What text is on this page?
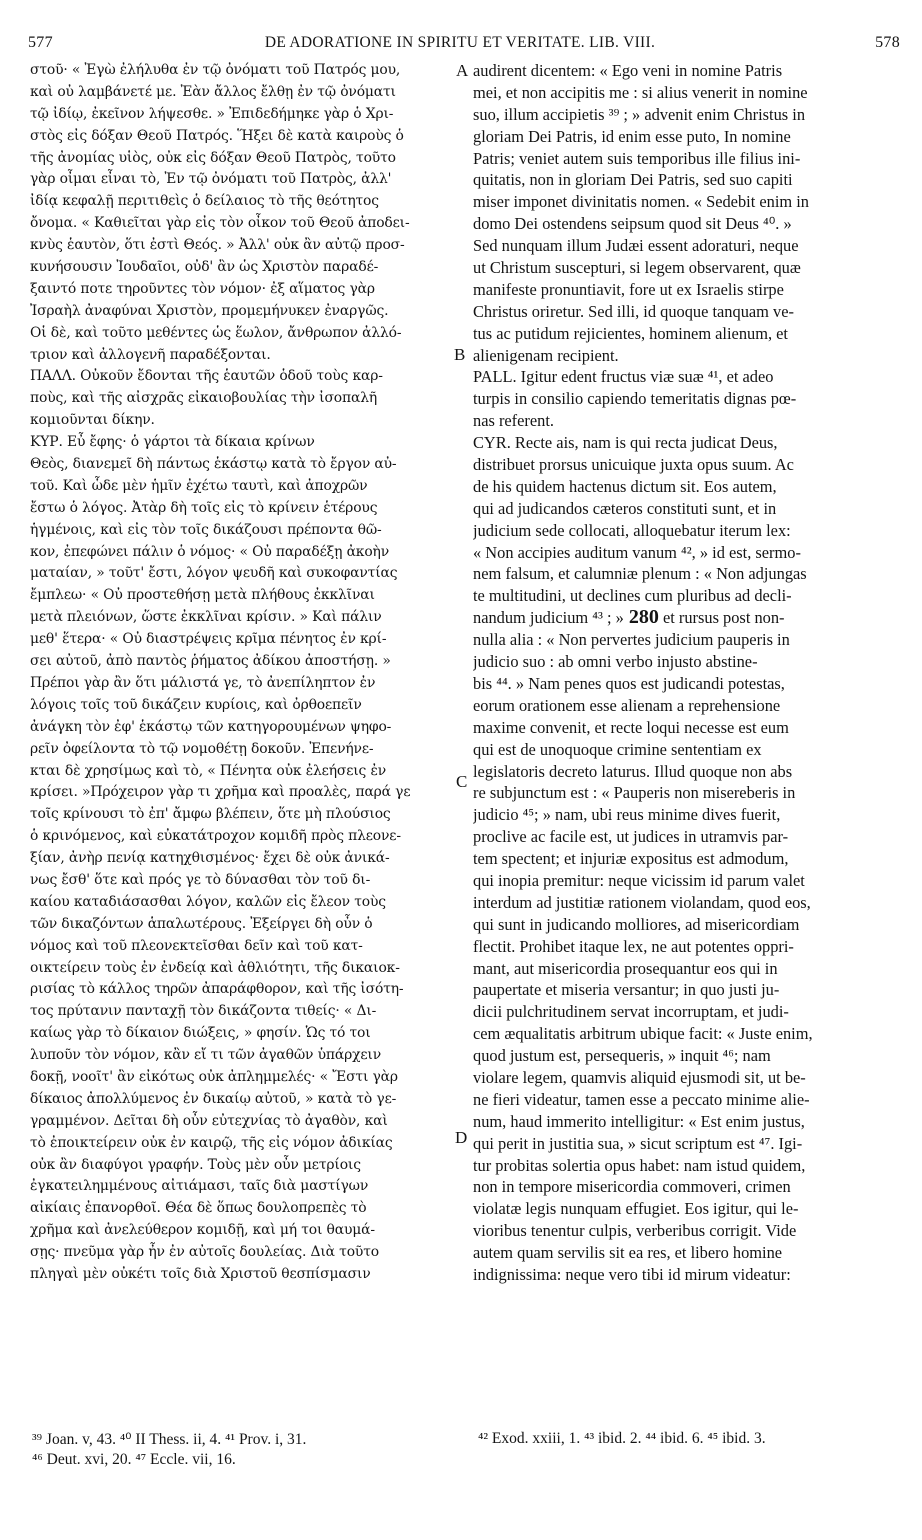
577	DE ADORATIONE IN SPIRITU ET VERITATE. LIB. VIII.	578
στοῦ· « Ἐγὼ ἐλήλυθα ἐν τῷ ὀνόματι τοῦ Πατρός μου,
καὶ οὐ λαμβάνετέ με. Ἐὰν ἄλλος ἔλθῃ ἐν τῷ ὀνόματι
τῷ ἰδίῳ, ἐκεῖνον λήψεσθε. » Ἐπιδεδήμηκε γὰρ ὁ Χρι-
στὸς εἰς δόξαν Θεοῦ Πατρός. Ἥξει δὲ κατὰ καιροὺς ὁ
τῆς ἀνομίας υἱὸς, οὐκ εἰς δόξαν Θεοῦ Πατρὸς, τοῦτο
γὰρ οἶμαι εἶναι τὸ, Ἐν τῷ ὀνόματι τοῦ Πατρὸς, ἀλλ'
ἰδίᾳ κεφαλῇ περιτιθεὶς ὁ δείλαιος τὸ τῆς θεότητος
ὄνομα. « Καθιεῖται γὰρ εἰς τὸν οἶκον τοῦ Θεοῦ ἀποδει-
κνὺς ἑαυτὸν, ὅτι ἐστὶ Θεός. » Ἀλλ' οὐκ ἂν αὐτῷ προσ-
κυνήσουσιν Ἰουδαῖοι, οὐδ' ἂν ὡς Χριστὸν παραδέ-
ξαιντό ποτε τηροῦντες τὸν νόμον· ἐξ αἵματος γὰρ
Ἰσραὴλ ἀναφύναι Χριστὸν, προμεμήνυκεν ἐναργῶς.
Οἱ δὲ, καὶ τοῦτο μεθέντες ὡς ἕωλον, ἄνθρωπον ἀλλό-
τριον καὶ ἀλλογενῆ παραδέξονται.
ΠΑΛΛ. Οὐκοῦν ἔδονται τῆς ἑαυτῶν ὁδοῦ τοὺς καρ-
ποὺς, καὶ τῆς αἰσχρᾶς εἰκαιοβουλίας τὴν ἰσοπαλῆ
κομιοῦνται δίκην.
ΚΥΡ. Εὖ ἔφης· ὁ γάρτοι τὰ δίκαια κρίνων
Θεὸς, διανεμεῖ δὴ πάντως ἑκάστῳ κατὰ τὸ ἔργον αὐ-
τοῦ. Καὶ ὧδε μὲν ἡμῖν ἐχέτω ταυτὶ, καὶ ἀποχρῶν
ἔστω ὁ λόγος. Ἀτὰρ δὴ τοῖς εἰς τὸ κρίνειν ἑτέρους
ἡγμένοις, καὶ εἰς τὸν τοῖς δικάζουσι πρέποντα θῶ-
κον, ἐπεφώνει πάλιν ὁ νόμος· « Οὐ παραδέξῃ ἀκοὴν
ματαίαν, » τοῦτ' ἔστι, λόγον ψευδῆ καὶ συκοφαντίας
ἔμπλεω· « Οὐ προστεθήσῃ μετὰ πλήθους ἐκκλῖναι
μετὰ πλειόνων, ὥστε ἐκκλῖναι κρίσιν. » Καὶ πάλιν
μεθ' ἕτερα· « Οὐ διαστρέψεις κρῖμα πένητος ἐν κρί-
σει αὐτοῦ, ἀπὸ παντὸς ῥήματος ἀδίκου ἀποστήσῃ. »
Πρέποι γὰρ ἂν ὅτι μάλιστά γε, τὸ ἀνεπίληπτον ἐν
λόγοις τοῖς τοῦ δικάζειν κυρίοις, καὶ ὀρθοεπεῖν
ἀνάγκη τὸν ἐφ' ἑκάστῳ τῶν κατηγορουμένων ψηφο-
ρεῖν ὀφείλοντα τὸ τῷ νομοθέτῃ δοκοῦν. Ἐπενήνε-
κται δὲ χρησίμως καὶ τὸ, « Πένητα οὐκ ἐλεήσεις ἐν
κρίσει. »Πρόχειρον γὰρ τι χρῆμα καὶ προαλὲς, παρά γε
τοῖς κρίνουσι τὸ ἐπ' ἄμφω βλέπειν, ὅτε μὴ πλούσιος
ὁ κρινόμενος, καὶ εὐκατάτροχον κομιδῆ πρὸς πλεονε-
ξίαν, ἀνὴρ πενίᾳ κατηχθισμένος· ἔχει δὲ οὐκ ἀνικά-
νως ἔσθ' ὅτε καὶ πρός γε τὸ δύνασθαι τὸν τοῦ δι-
καίου καταδιάσασθαι λόγον, καλῶν εἰς ἔλεον τοὺς
τῶν δικαζόντων ἁπαλωτέρους. Ἐξείργει δὴ οὖν ὁ
νόμος καὶ τοῦ πλεονεκτεῖσθαι δεῖν καὶ τοῦ κατ-
οικτείρειν τοὺς ἐν ἐνδείᾳ καὶ ἀθλιότητι, τῆς δικαιοκ-
ρισίας τὸ κάλλος τηρῶν ἀπαράφθορον, καὶ τῆς ἰσότη-
τος πρύτανιν πανταχῇ τὸν δικάζοντα τιθείς· « Δι-
καίως γὰρ τὸ δίκαιον διώξεις, » φησίν. Ὡς τό τοι
λυποῦν τὸν νόμον, κἂν εἴ τι τῶν ἀγαθῶν ὑπάρχειν
δοκῇ, νοοῖτ' ἂν εἰκότως οὐκ ἀπλημμελές· « Ἔστι γὰρ
δίκαιος ἀπολλύμενος ἐν δικαίῳ αὐτοῦ, » κατὰ τὸ γε-
γραμμένον. Δεῖται δὴ οὖν εὐτεχνίας τὸ ἀγαθὸν, καὶ
τὸ ἐποικτείρειν οὐκ ἐν καιρῷ, τῆς εἰς νόμον ἀδικίας
οὐκ ἂν διαφύγοι γραφήν. Τοὺς μὲν οὖν μετρίοις
ἐγκατειλημμένους αἰτιάμασι, ταῖς διὰ μαστίγων
αἰκίαις ἐπανορθοῖ. Θέα δὲ ὅπως δουλοπρεπὲς τὸ
χρῆμα καὶ ἀνελεύθερον κομιδῇ, καὶ μή τοι θαυμά-
σῃς· πνεῦμα γὰρ ἦν ἐν αὐτοῖς δουλείας. Διὰ τοῦτο
πληγαὶ μὲν οὐκέτι τοῖς διὰ Χριστοῦ θεσπίσμασιν
audirent dicentem: « Ego veni in nomine Patris
mei, et non accipitis me : si alius venerit in nomine
suo, illum accipietis ³⁹ ; » advenit enim Christus in
gloriam Dei Patris, id enim esse puto, In nomine
Patris; veniet autem suis temporibus ille filius ini-
quitatis, non in gloriam Dei Patris, sed suo capiti
miser imponet divinitatis nomen. « Sedebit enim in
domo Dei ostendens seipsum quod sit Deus ⁴⁰. »
Sed nunquam illum Judæi essent adoraturi, neque
ut Christum suscepturi, si legem observarent, quæ
manifeste pronuntiavit, fore ut ex Israelis stirpe
Christus oriretur. Sed illi, id quoque tanquam ve-
tus ac putidum rejicientes, hominem alienum, et
alienigenam recipient.
PALL. Igitur edent fructus viæ suæ ⁴¹, et adeo
turpis in consilio capiendo temeritatis dignas pœ-
nas referent.
CYR. Recte ais, nam is qui recta judicat Deus,
distribuet prorsus unicuique juxta opus suum. Ac
de his quidem hactenus dictum sit. Eos autem,
qui ad judicandos cæteros constituti sunt, et in
judicium sede collocati, alloquebatur iterum lex:
« Non accipies auditum vanum ⁴², » id est, sermo-
nem falsum, et calumniæ plenum : « Non adjungas
te multitudini, ut declines cum pluribus ad decli-
nandum judicium ⁴³ ; » 280 et rursus post non-
nulla alia : « Non pervertes judicium pauperis in
judicio suo : ab omni verbo injusto abstine-
bis ⁴⁴. » Nam penes quos est judicandi potestas,
eorum orationem esse alienam a reprehensione
maxime convenit, et recte loqui necesse est eum
qui est de unoquoque crimine sententiam ex
legislatoris decreto laturus. Illud quoque non abs
re subjunctum est : « Pauperis non misereberis in
judicio ⁴⁵; » nam, ubi reus minime dives fuerit,
proclive ac facile est, ut judices in utramvis par-
tem spectent; et injuriæ expositus est admodum,
qui inopia premitur: neque vicissim id parum valet
interdum ad justitiæ rationem violandam, quod eos,
qui sunt in judicando molliores, ad misericordiam
flectit. Prohibet itaque lex, ne aut potentes oppri-
mant, aut misericordia prosequantur eos qui in
paupertate et miseria versantur; in quo justi ju-
dicii pulchritudinem servat incorruptam, et judi-
cem æqualitatis arbitrum ubique facit: « Juste enim,
quod justum est, persequeris, » inquit ⁴⁶; nam
violare legem, quamvis aliquid ejusmodi sit, ut be-
ne fieri videatur, tamen esse a peccato minime alie-
num, haud immerito intelligitur: « Est enim justus,
qui perit in justitia sua, » sicut scriptum est ⁴⁷. Igi-
tur probitas solertia opus habet: nam istud quidem,
non in tempore misericordia commoveri, crimen
violatæ legis nunquam effugiet. Eos igitur, qui le-
vioribus tenentur culpis, verberibus corrigit. Vide
autem quam servilis sit ea res, et libero homine
indignissima: neque vero tibi id mirum videatur:
A
B
C
D
³⁹ Joan. v, 43. ⁴⁰ II Thess. ii, 4. ⁴¹ Prov. i, 31.
⁴⁶ Deut. xvi, 20. ⁴⁷ Eccle. vii, 16.
⁴² Exod. xxiii, 1. ⁴³ ibid. 2. ⁴⁴ ibid. 6. ⁴⁵ ibid. 3.
